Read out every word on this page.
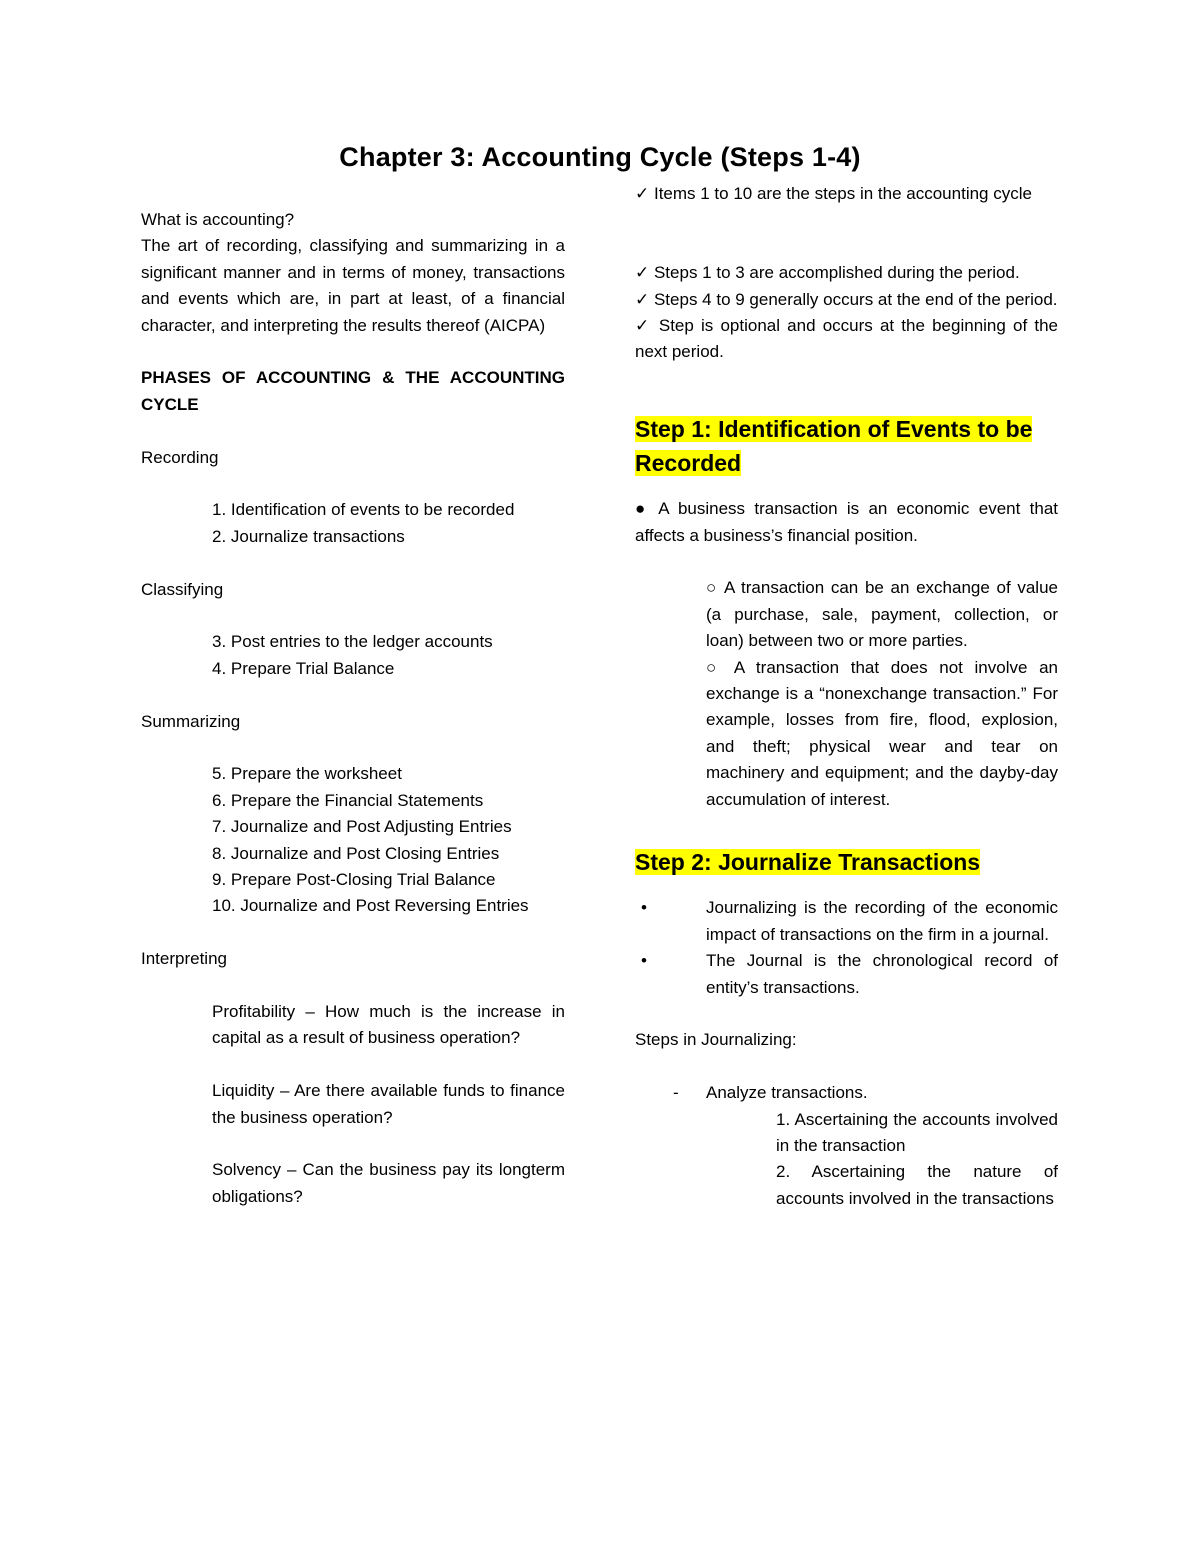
Chapter 3: Accounting Cycle (Steps 1-4)

What is accounting?

The art of recording, classifying and summarizing in a significant manner and in terms of money, transactions and events which are, in part at least, of a financial character, and interpreting the results thereof (AICPA)

PHASES OF ACCOUNTING & THE ACCOUNTING CYCLE

Recording

1. Identification of events to be recorded

2. Journalize transactions

Classifying

3. Post entries to the ledger accounts

4. Prepare Trial Balance

Summarizing

5. Prepare the worksheet

6. Prepare the Financial Statements

7. Journalize and Post Adjusting Entries

8. Journalize and Post Closing Entries

9. Prepare Post-Closing Trial Balance

10. Journalize and Post Reversing Entries

Interpreting

Profitability – How much is the increase in capital as a result of business operation?

Liquidity – Are there available funds to finance the business operation?

Solvency – Can the business pay its longterm obligations?

✓ Items 1 to 10 are the steps in the accounting cycle

✓ Steps 1 to 3 are accomplished during the period.

✓ Steps 4 to 9 generally occurs at the end of the period.

✓ Step is optional and occurs at the beginning of the next period.

Step 1: Identification of Events to be Recorded

● A business transaction is an economic event that affects a business’s financial position.

○ A transaction can be an exchange of value (a purchase, sale, payment, collection, or loan) between two or more parties.

○ A transaction that does not involve an exchange is a “nonexchange transaction.” For example, losses from fire, flood, explosion, and theft; physical wear and tear on machinery and equipment; and the dayby-day accumulation of interest.

Step 2: Journalize Transactions

•	Journalizing is the recording of the economic impact of transactions on the firm in a journal.
•	The Journal is the chronological record of entity’s transactions.

Steps in Journalizing:

- Analyze transactions.

1. Ascertaining the accounts involved in the transaction

2. Ascertaining the nature of accounts involved in the transactions
